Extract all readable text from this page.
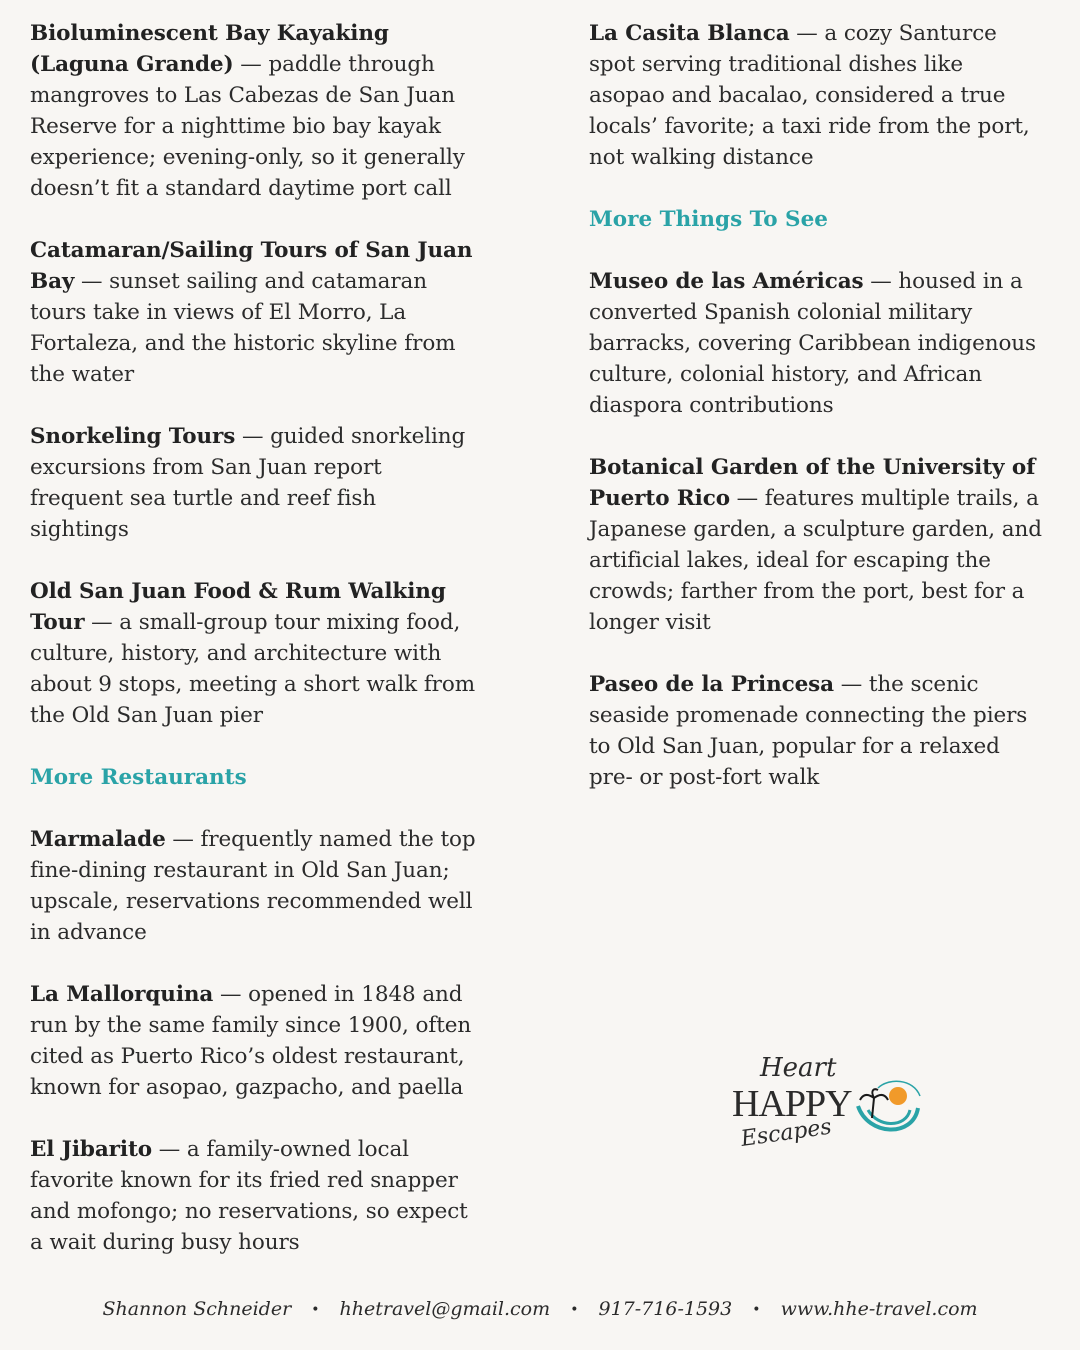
Bioluminescent Bay Kayaking (Laguna Grande) — paddle through mangroves to Las Cabezas de San Juan Reserve for a nighttime bio bay kayak experience; evening-only, so it generally doesn’t fit a standard daytime port call

Catamaran/Sailing Tours of San Juan Bay — sunset sailing and catamaran tours take in views of El Morro, La Fortaleza, and the historic skyline from the water

Snorkeling Tours — guided snorkeling excursions from San Juan report frequent sea turtle and reef fish sightings

Old San Juan Food & Rum Walking Tour — a small-group tour mixing food, culture, history, and architecture with about 9 stops, meeting a short walk from the Old San Juan pier

More Restaurants

Marmalade — frequently named the top fine-dining restaurant in Old San Juan; upscale, reservations recommended well in advance

La Mallorquina — opened in 1848 and run by the same family since 1900, often cited as Puerto Rico’s oldest restaurant, known for asopao, gazpacho, and paella

El Jibarito — a family-owned local favorite known for its fried red snapper and mofongo; no reservations, so expect a wait during busy hours

La Casita Blanca — a cozy Santurce spot serving traditional dishes like asopao and bacalao, considered a true locals’ favorite; a taxi ride from the port, not walking distance

More Things To See

Museo de las Américas — housed in a converted Spanish colonial military barracks, covering Caribbean indigenous culture, colonial history, and African diaspora contributions

Botanical Garden of the University of Puerto Rico — features multiple trails, a Japanese garden, a sculpture garden, and artificial lakes, ideal for escaping the crowds; farther from the port, best for a longer visit

Paseo de la Princesa — the scenic seaside promenade connecting the piers to Old San Juan, popular for a relaxed pre- or post-fort walk

Heart
HAPPY
Escapes
Shannon Schneider • hhetravel@gmail.com • 917-716-1593 • www.hhe-travel.com
